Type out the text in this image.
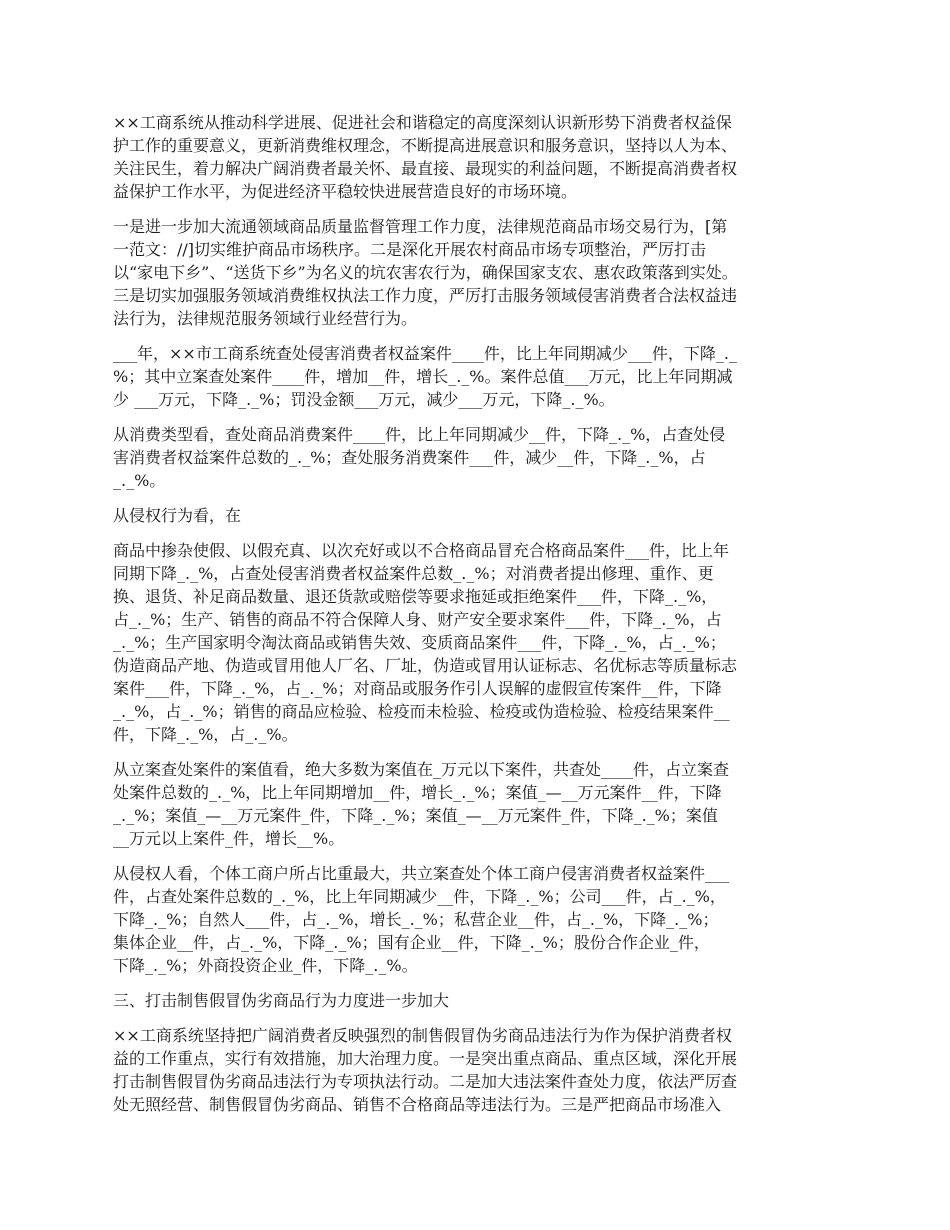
××工商系统从推动科学进展、促进社会和谐稳定的高度深刻认识新形势下消费者权益保
护工作的重要意义，更新消费维权理念，不断提高进展意识和服务意识，坚持以人为本、
关注民生，着力解决广阔消费者最关怀、最直接、最现实的利益问题，不断提高消费者权
益保护工作水平，为促进经济平稳较快进展营造良好的市场环境。

一是进一步加大流通领域商品质量监督管理工作力度，法律规范商品市场交易行为，[第
一范文：//]切实维护商品市场秩序。二是深化开展农村商品市场专项整治，严厉打击
以“家电下乡”、“送货下乡”为名义的坑农害农行为，确保国家支农、惠农政策落到实处。
三是切实加强服务领域消费维权执法工作力度，严厉打击服务领域侵害消费者合法权益违
法行为，法律规范服务领域行业经营行为。

___年，××市工商系统查处侵害消费者权益案件____件，比上年同期减少___件，下降_._
%；其中立案查处案件____件，增加__件，增长_._%。案件总值___万元，比上年同期减
少 ___万元，下降_._%；罚没金额___万元，减少___万元，下降_._%。

从消费类型看，查处商品消费案件____件，比上年同期减少__件，下降_._%，占查处侵
害消费者权益案件总数的_._%；查处服务消费案件___件，减少__件，下降_._%，占
_._%。

从侵权行为看，在

商品中掺杂使假、以假充真、以次充好或以不合格商品冒充合格商品案件___件，比上年
同期下降_._%，占查处侵害消费者权益案件总数_._%；对消费者提出修理、重作、更
换、退货、补足商品数量、退还货款或赔偿等要求拖延或拒绝案件___件，下降_._%，
占_._%；生产、销售的商品不符合保障人身、财产安全要求案件___件，下降_._%，占
_._%；生产国家明令淘汰商品或销售失效、变质商品案件___件，下降_._%，占_._%；
伪造商品产地、伪造或冒用他人厂名、厂址，伪造或冒用认证标志、名优标志等质量标志
案件___件，下降_._%，占_._%；对商品或服务作引人误解的虚假宣传案件__件，下降
_._%，占_._%；销售的商品应检验、检疫而未检验、检疫或伪造检验、检疫结果案件__
件，下降_._%，占_._%。

从立案查处案件的案值看，绝大多数为案值在_万元以下案件，共查处____件，占立案查
处案件总数的_._%，比上年同期增加__件，增长_._%；案值_—__万元案件__件，下降
_._%；案值_—__万元案件_件，下降_._%；案值_—__万元案件_件，下降_._%；案值
__万元以上案件_件，增长__%。

从侵权人看，个体工商户所占比重最大，共立案查处个体工商户侵害消费者权益案件___
件，占查处案件总数的_._%，比上年同期减少__件，下降_._%；公司___件，占_._%，
下降_._%；自然人___件，占_._%，增长_._%；私营企业__件，占_._%，下降_._%；
集体企业__件，占_._%，下降_._%；国有企业__件，下降_._%；股份合作企业_件，
下降_._%；外商投资企业_件，下降_._%。

三、打击制售假冒伪劣商品行为力度进一步加大

××工商系统坚持把广阔消费者反映强烈的制售假冒伪劣商品违法行为作为保护消费者权
益的工作重点，实行有效措施，加大治理力度。一是突出重点商品、重点区域，深化开展
打击制售假冒伪劣商品违法行为专项执法行动。二是加大违法案件查处力度，依法严厉查
处无照经营、制售假冒伪劣商品、销售不合格商品等违法行为。三是严把商品市场准入
